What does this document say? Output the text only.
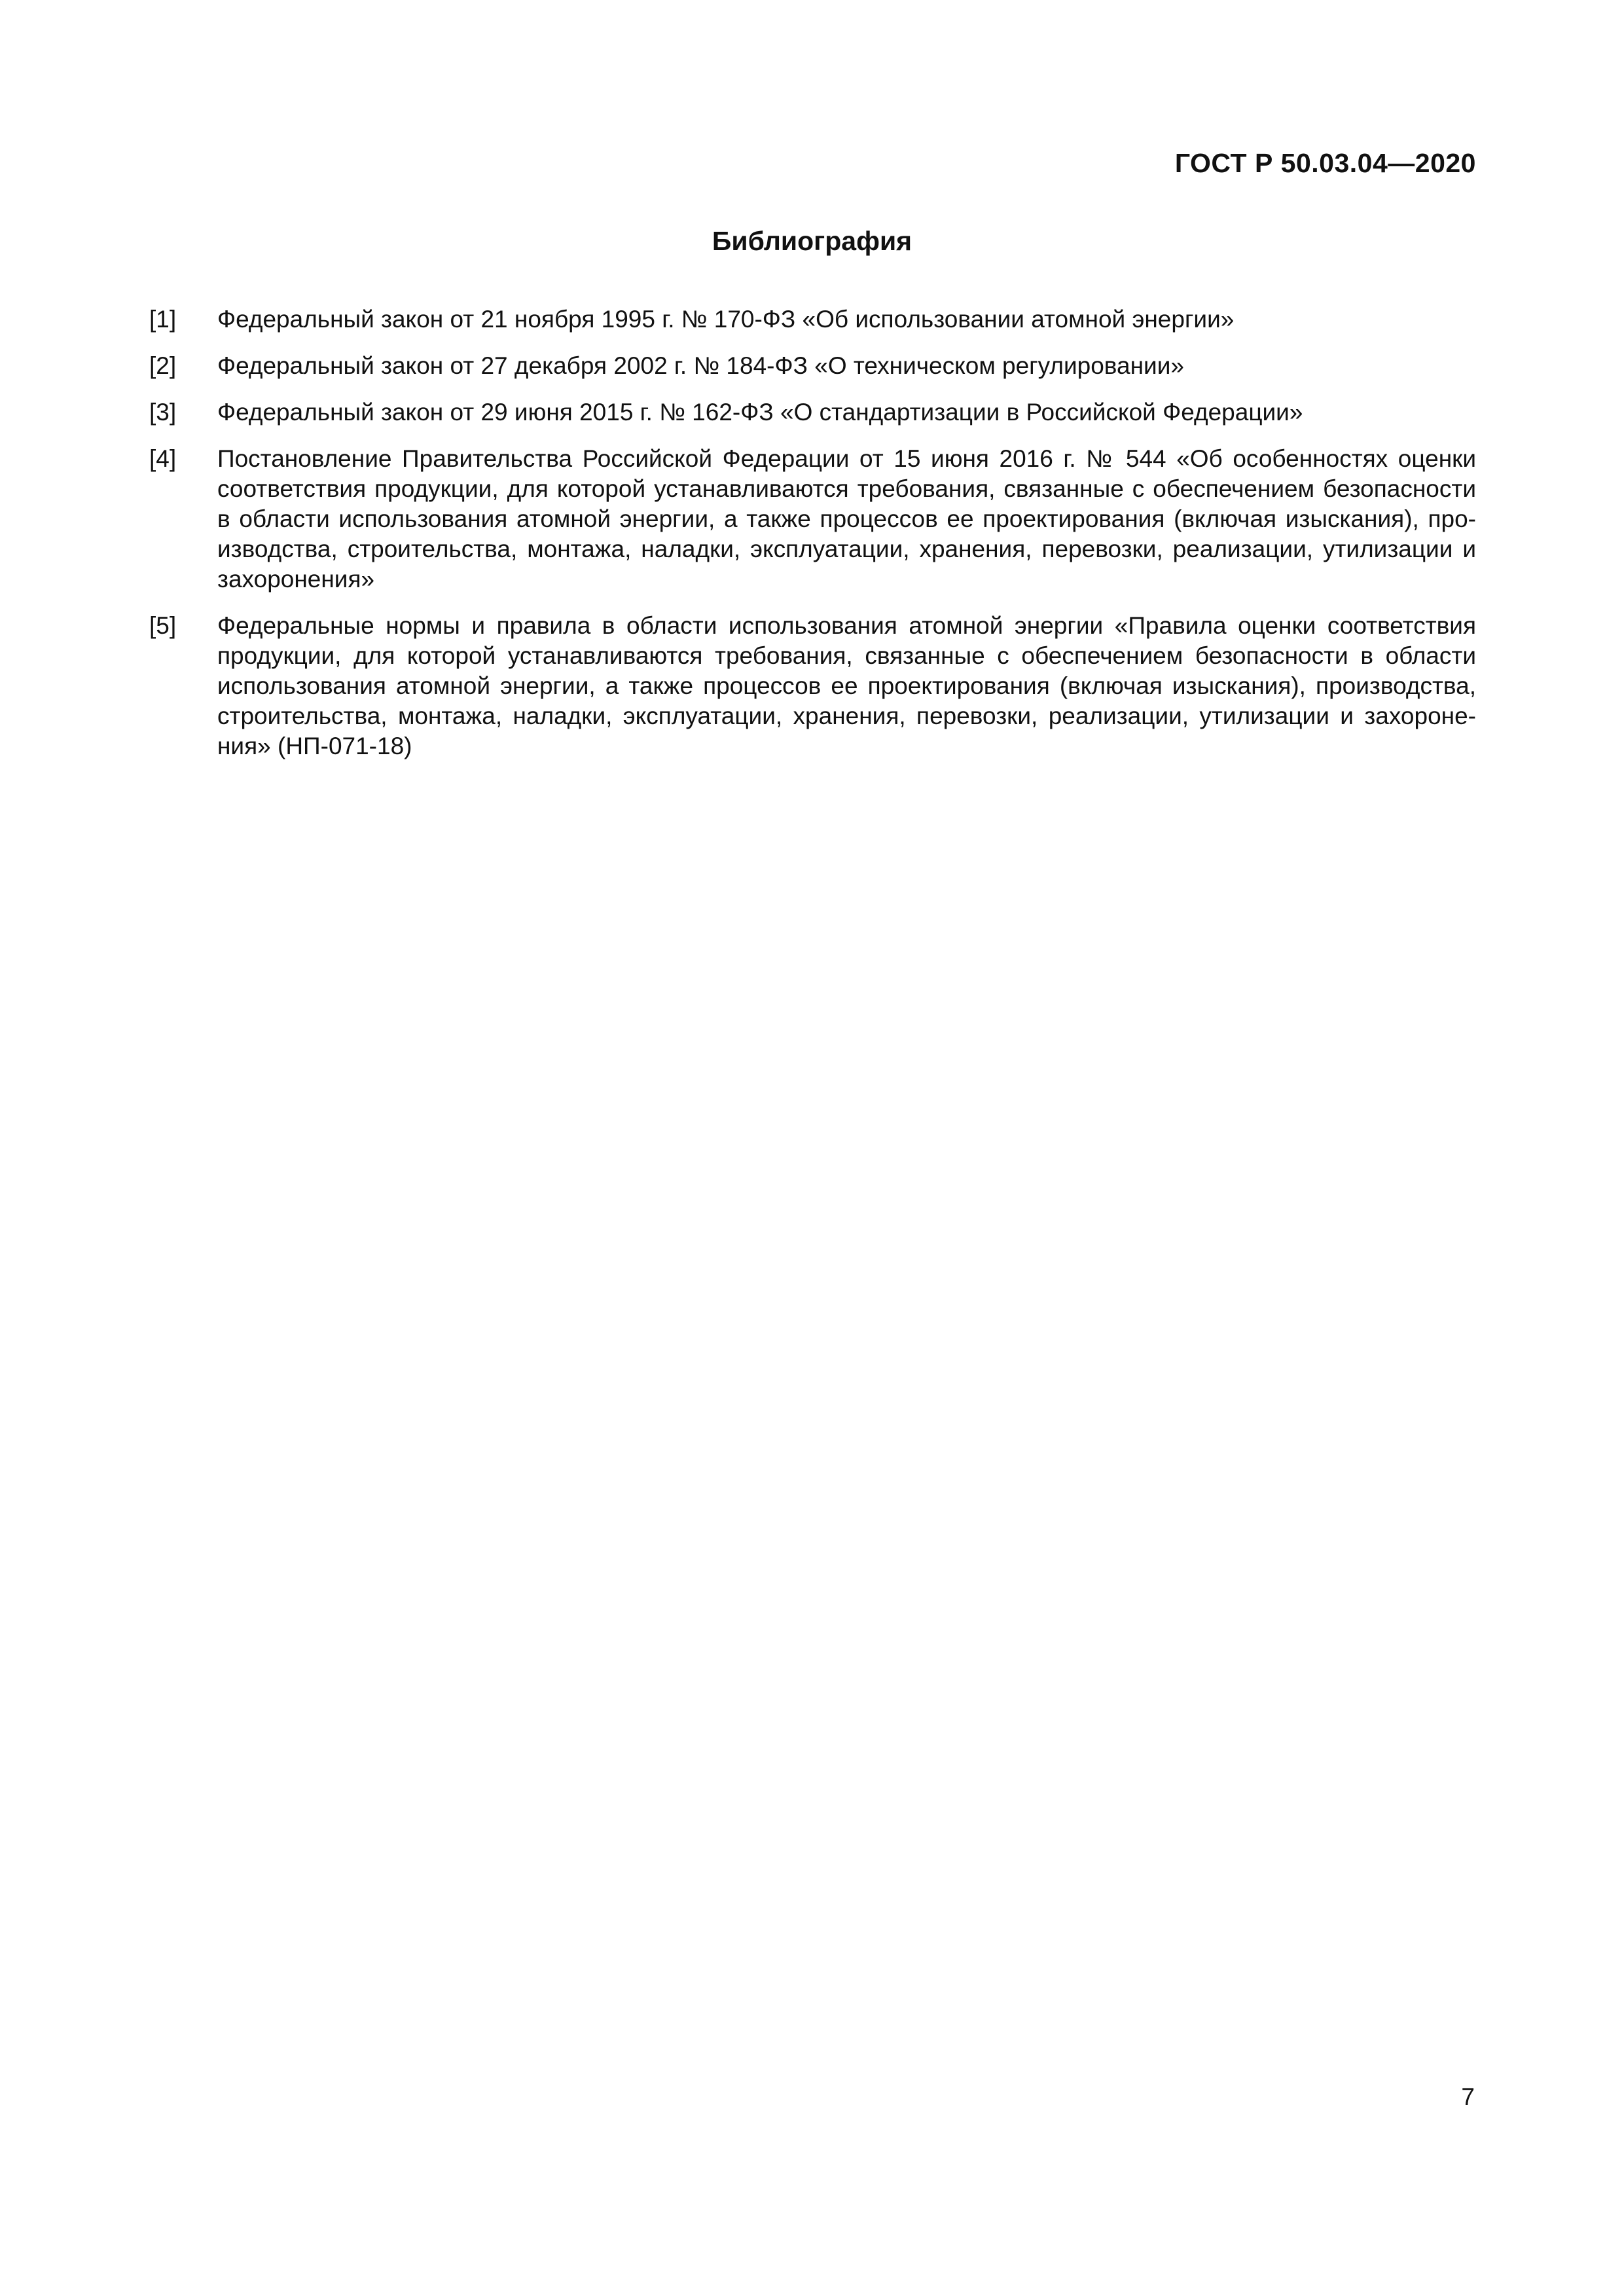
ГОСТ Р 50.03.04—2020
Библиография
[1]	Федеральный закон от 21 ноября 1995 г. № 170-ФЗ «Об использовании атомной энергии»
[2]	Федеральный закон от 27 декабря 2002 г. № 184-ФЗ «О техническом регулировании»
[3]	Федеральный закон от 29 июня 2015 г. № 162-ФЗ «О стандартизации в Российской Федерации»
[4]	Постановление Правительства Российской Федерации от 15 июня 2016 г. № 544 «Об особенностях оценки
соответствия продукции, для которой устанавливаются требования, связанные с обеспечением безопасности
в области использования атомной энергии, а также процессов ее проектирования (включая изыскания), про-
изводства, строительства, монтажа, наладки, эксплуатации, хранения, перевозки, реализации, утилизации и
захоронения»
[5]	Федеральные нормы и правила в области использования атомной энергии «Правила оценки соответствия
продукции, для которой устанавливаются требования, связанные с обеспечением безопасности в области
использования атомной энергии, а также процессов ее проектирования (включая изыскания), производства,
строительства, монтажа, наладки, эксплуатации, хранения, перевозки, реализации, утилизации и захороне-
ния» (НП-071-18)
7
